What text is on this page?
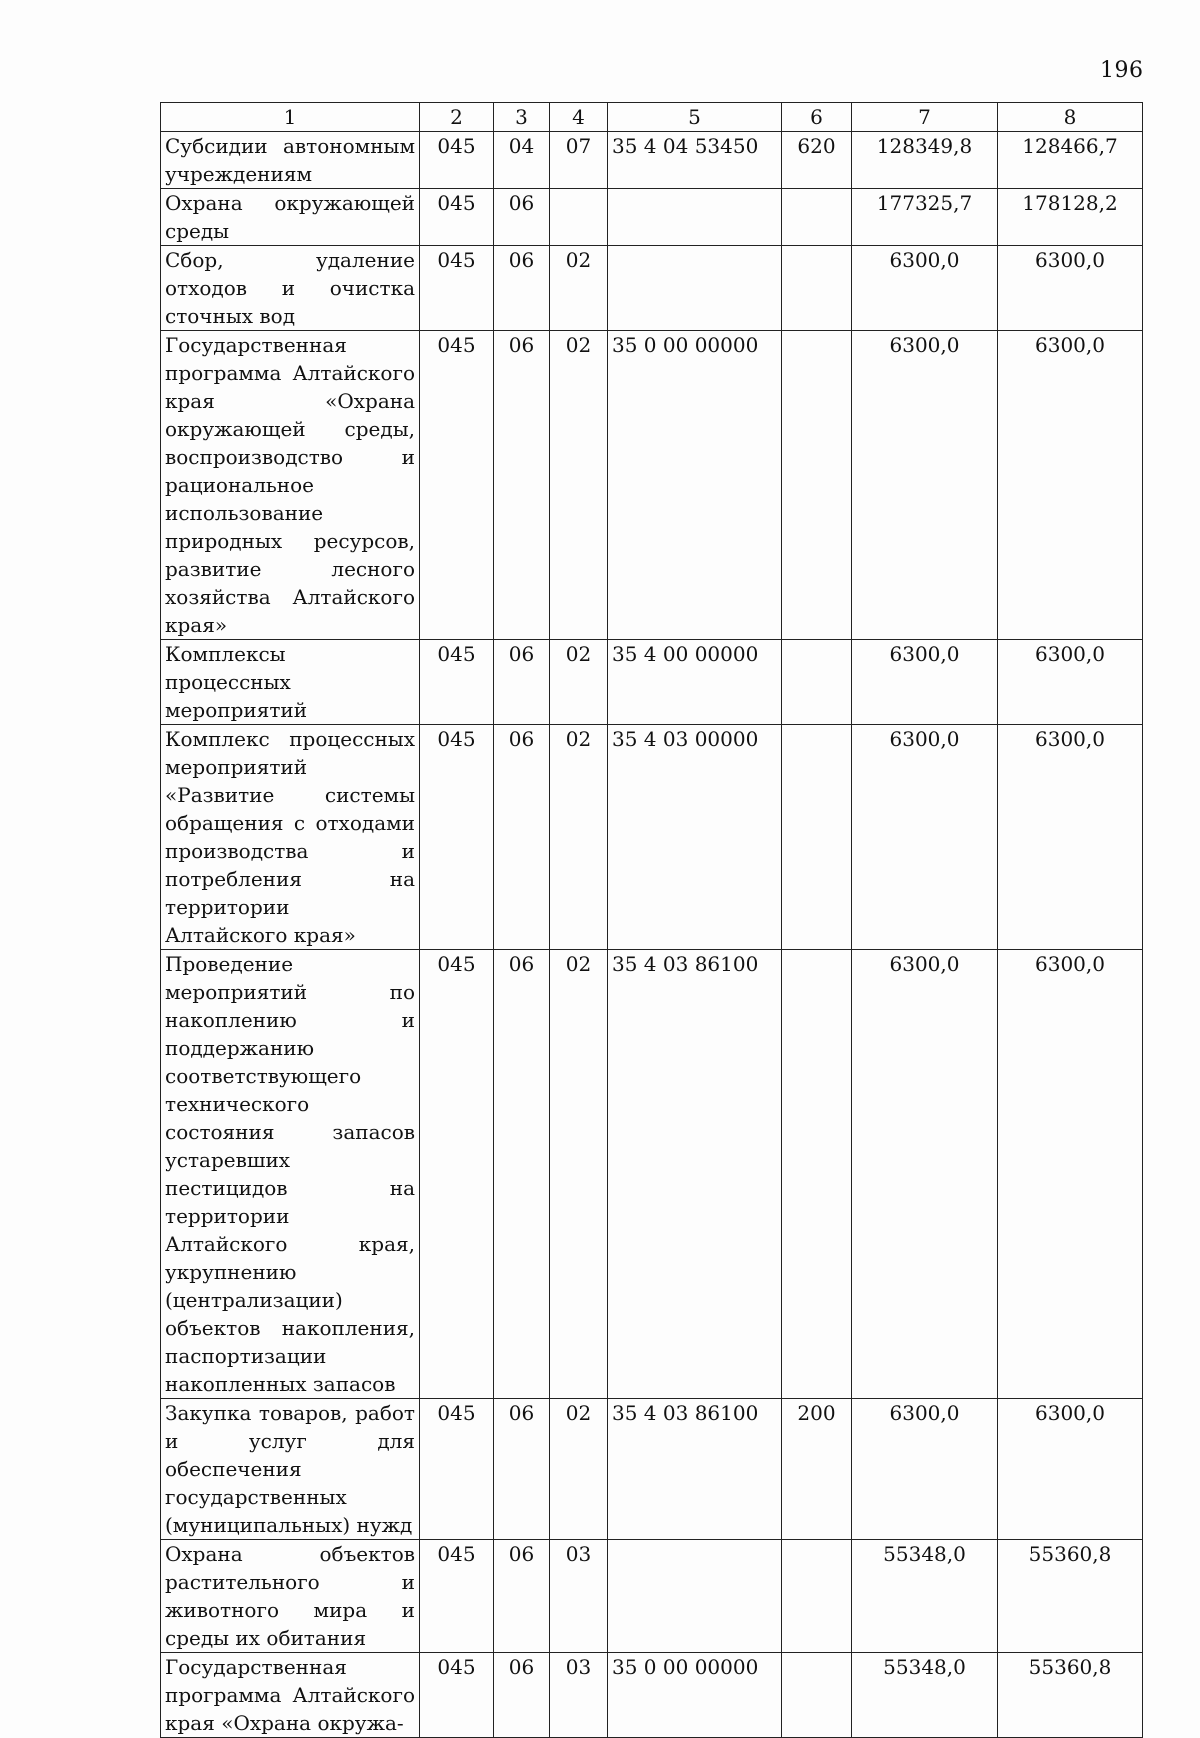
196
1	2	3	4	5	6	7	8
Субсидии автономным учреждениям	045	04	07	35 4 04 53450	620	128349,8	128466,7
Охрана окружающей среды	045	06				177325,7	178128,2
Сбор, удаление отходов и очистка сточных вод	045	06	02			6300,0	6300,0
Государственная программа Алтайского края «Охрана окружающей среды, воспроизводство и рациональное использование природных ресурсов, развитие лесного хозяйства Алтайского края»	045	06	02	35 0 00 00000		6300,0	6300,0
Комплексы процессных мероприятий	045	06	02	35 4 00 00000		6300,0	6300,0
Комплекс процессных мероприятий «Развитие системы обращения с отходами производства и потребления на территории Алтайского края»	045	06	02	35 4 03 00000		6300,0	6300,0
Проведение мероприятий по накоплению и поддержанию соответствующего технического состояния запасов устаревших пестицидов на территории Алтайского края, укрупнению (централизации) объектов накопления, паспортизации накопленных запасов	045	06	02	35 4 03 86100		6300,0	6300,0
Закупка товаров, работ и услуг для обеспечения государственных (муниципальных) нужд	045	06	02	35 4 03 86100	200	6300,0	6300,0
Охрана объектов растительного и животного мира и среды их обитания	045	06	03			55348,0	55360,8
Государственная программа Алтайского края «Охрана окружа-	045	06	03	35 0 00 00000		55348,0	55360,8
